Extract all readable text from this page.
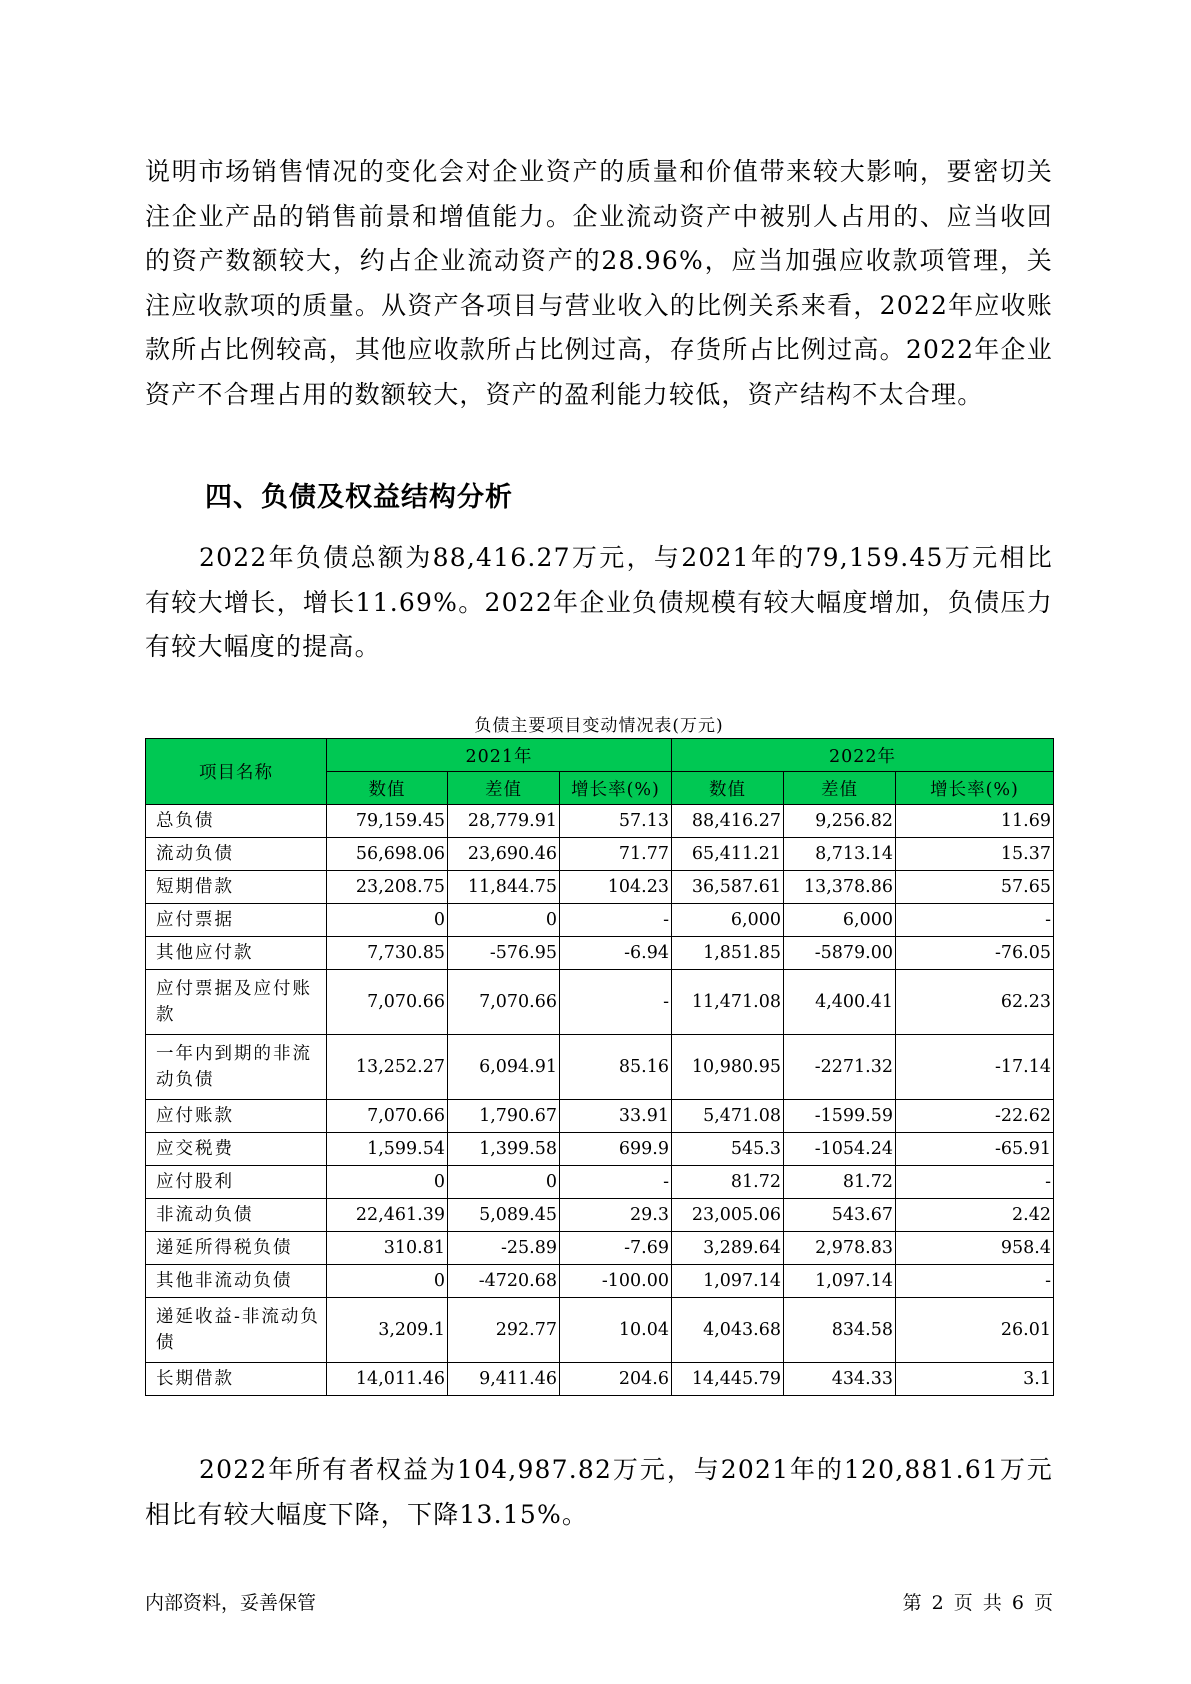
说明市场销售情况的变化会对企业资产的质量和价值带来较大影响，要密切关注企业产品的销售前景和增值能力。企业流动资产中被别人占用的、应当收回的资产数额较大，约占企业流动资产的28.96%，应当加强应收款项管理，关注应收款项的质量。从资产各项目与营业收入的比例关系来看，2022年应收账款所占比例较高，其他应收款所占比例过高，存货所占比例过高。2022年企业资产不合理占用的数额较大，资产的盈利能力较低，资产结构不太合理。

四、负债及权益结构分析

2022年负债总额为88,416.27万元，与2021年的79,159.45万元相比有较大增长，增长11.69%。2022年企业负债规模有较大幅度增加，负债压力有较大幅度的提高。

负债主要项目变动情况表(万元)
项目名称	2021年			2022年		
	数值	差值	增长率(%)	数值	差值	增长率(%)
总负债	79,159.45	28,779.91	57.13	88,416.27	9,256.82	11.69
流动负债	56,698.06	23,690.46	71.77	65,411.21	8,713.14	15.37
短期借款	23,208.75	11,844.75	104.23	36,587.61	13,378.86	57.65
应付票据	0	0	-	6,000	6,000	-
其他应付款	7,730.85	-576.95	-6.94	1,851.85	-5879.00	-76.05
应付票据及应付账款	7,070.66	7,070.66	-	11,471.08	4,400.41	62.23
一年内到期的非流动负债	13,252.27	6,094.91	85.16	10,980.95	-2271.32	-17.14
应付账款	7,070.66	1,790.67	33.91	5,471.08	-1599.59	-22.62
应交税费	1,599.54	1,399.58	699.9	545.3	-1054.24	-65.91
应付股利	0	0	-	81.72	81.72	-
非流动负债	22,461.39	5,089.45	29.3	23,005.06	543.67	2.42
递延所得税负债	310.81	-25.89	-7.69	3,289.64	2,978.83	958.4
其他非流动负债	0	-4720.68	-100.00	1,097.14	1,097.14	-
递延收益-非流动负债	3,209.1	292.77	10.04	4,043.68	834.58	26.01
长期借款	14,011.46	9,411.46	204.6	14,445.79	434.33	3.1

2022年所有者权益为104,987.82万元，与2021年的120,881.61万元相比有较大幅度下降，下降13.15%。

内部资料，妥善保管	第 2 页 共 6 页
